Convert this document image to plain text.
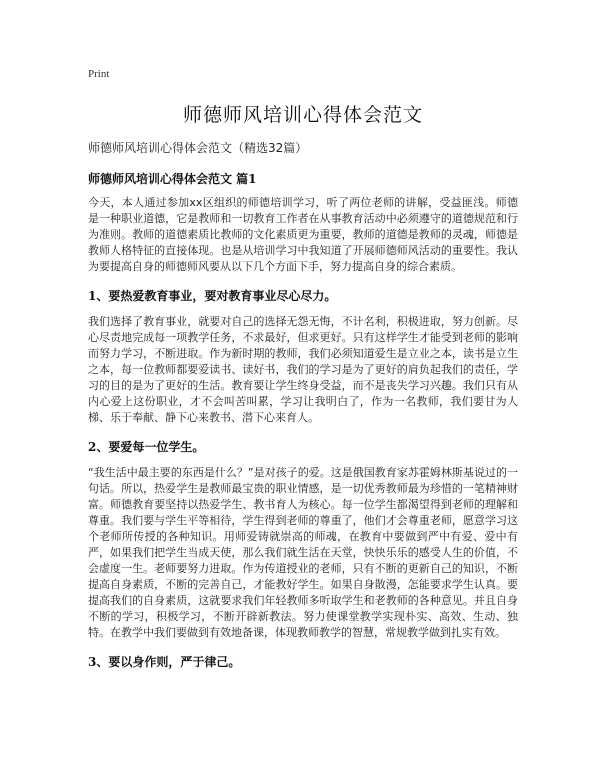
Print
师德师风培训心得体会范文
师德师风培训心得体会范文（精选32篇）
师德师风培训心得体会范文 篇1

今天，本人通过参加xx区组织的师德培训学习，听了两位老师的讲解，受益匪浅。师德是一种职业道德，它是教师和一切教育工作者在从事教育活动中必须遵守的道德规范和行为准则。教师的道德素质比教师的文化素质更为重要，教师的道德是教师的灵魂，师德是教师人格特征的直接体现。也是从培训学习中我知道了开展师德师风活动的重要性。我认为要提高自身的师德师风要从以下几个方面下手，努力提高自身的综合素质。

1、要热爱教育事业，要对教育事业尽心尽力。

我们选择了教育事业，就要对自己的选择无怨无悔，不计名利，积极进取，努力创新。尽心尽责地完成每一项教学任务，不求最好，但求更好。只有这样学生才能受到老师的影响而努力学习，不断进取。作为新时期的教师，我们必须知道爱生是立业之本，读书是立生之本，每一位教师都要爱读书、读好书，我们的学习是为了更好的肩负起我们的责任，学习的目的是为了更好的生活。教育要让学生终身受益，而不是丧失学习兴趣。我们只有从内心爱上这份职业，才不会叫苦叫累，学习让我明白了，作为一名教师，我们要甘为人梯、乐于奉献、静下心来教书、潜下心来育人。

2、要爱每一位学生。

“我生活中最主要的东西是什么？”是对孩子的爱。这是俄国教育家苏霍姆林斯基说过的一句话。所以，热爱学生是教师最宝贵的职业情感，是一切优秀教师最为珍惜的一笔精神财富。师德教育要坚持以热爱学生、教书育人为核心。每一位学生都渴望得到老师的理解和尊重。我们要与学生平等相待，学生得到老师的尊重了，他们才会尊重老师，愿意学习这个老师所传授的各种知识。用师爱铸就崇高的师魂，在教育中要做到严中有爱、爱中有严，如果我们把学生当成天使，那么我们就生活在天堂，快快乐乐的感受人生的价值，不会虚度一生。老师要努力进取。作为传道授业的老师，只有不断的更新自己的知识，不断提高自身素质，不断的完善自己，才能教好学生。如果自身散漫，怎能要求学生认真。要提高我们的自身素质，这就要求我们年轻教师多听取学生和老教师的各种意见。并且自身不断的学习，积极学习，不断开辟新教法。努力使课堂教学实现朴实、高效、生动、独特。在教学中我们要做到有效地备课，体现教师教学的智慧，常规教学做到扎实有效。

3、要以身作则，严于律己。
